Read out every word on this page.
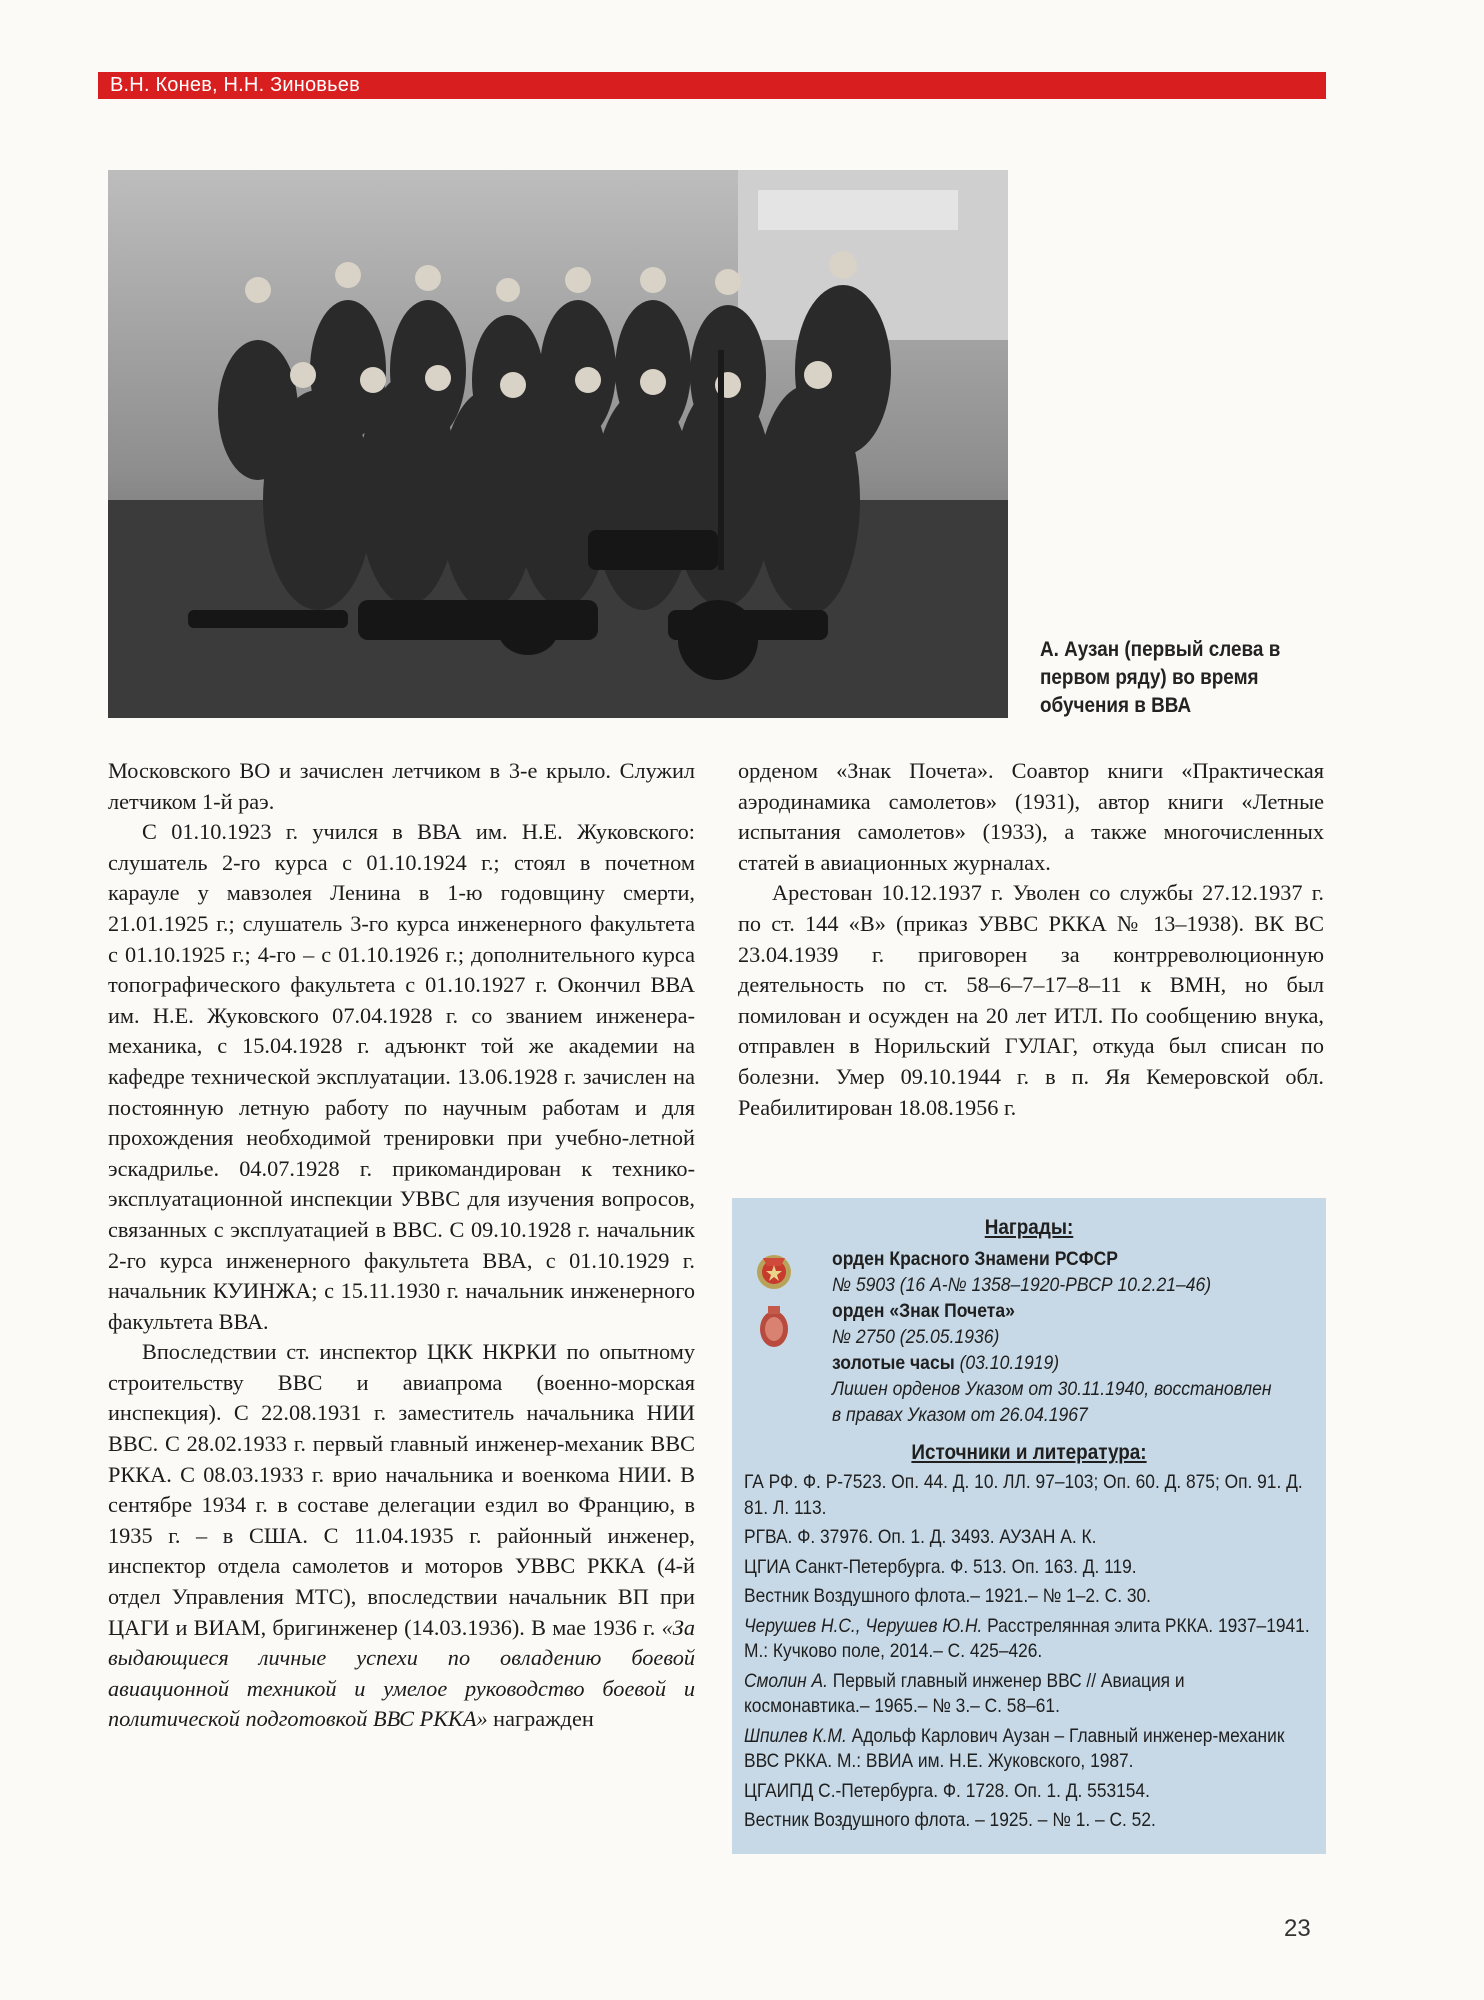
В.Н. Конев, Н.Н. Зиновьев
А. Аузан (первый слева в первом ряду) во время обучения в ВВА

Московского ВО и зачислен летчиком в 3-е крыло. Служил летчиком 1-й раэ.

С 01.10.1923 г. учился в ВВА им. Н.Е. Жуковского: слушатель 2-го курса с 01.10.1924 г.; стоял в почетном карауле у мавзолея Ленина в 1-ю годовщину смерти, 21.01.1925 г.; слушатель 3-го курса инженерного факультета с 01.10.1925 г.; 4-го – с 01.10.1926 г.; дополнительного курса топографического факультета с 01.10.1927 г. Окончил ВВА им. Н.Е. Жуковского 07.04.1928 г. со званием инженера-механика, с 15.04.1928 г. адъюнкт той же академии на кафедре технической эксплуатации. 13.06.1928 г. зачислен на постоянную летную работу по научным работам и для прохождения необходимой тренировки при учебно-летной эскадрилье. 04.07.1928 г. прикомандирован к технико-эксплуатационной инспекции УВВС для изучения вопросов, связанных с эксплуатацией в ВВС. С 09.10.1928 г. начальник 2-го курса инженерного факультета ВВА, с 01.10.1929 г. начальник КУИНЖА; с 15.11.1930 г. начальник инженерного факультета ВВА.

Впоследствии ст. инспектор ЦКК НКРКИ по опытному строительству ВВС и авиапрома (военно-морская инспекция). С 22.08.1931 г. заместитель начальника НИИ ВВС. С 28.02.1933 г. первый главный инженер-механик ВВС РККА. С 08.03.1933 г. врио начальника и военкома НИИ. В сентябре 1934 г. в составе делегации ездил во Францию, в 1935 г. – в США. С 11.04.1935 г. районный инженер, инспектор отдела самолетов и моторов УВВС РККА (4-й отдел Управления МТС), впоследствии начальник ВП при ЦАГИ и ВИАМ, бригинженер (14.03.1936). В мае 1936 г. «За выдающиеся личные успехи по овладению боевой авиационной техникой и умелое руководство боевой и политической подготовкой ВВС РККА» награжден

орденом «Знак Почета». Соавтор книги «Практическая аэродинамика самолетов» (1931), автор книги «Летные испытания самолетов» (1933), а также многочисленных статей в авиационных журналах.

Арестован 10.12.1937 г. Уволен со службы 27.12.1937 г. по ст. 144 «В» (приказ УВВС РККА № 13–1938). ВК ВС 23.04.1939 г. приговорен за контрреволюционную деятельность по ст. 58–6–7–17–8–11 к ВМН, но был помилован и осужден на 20 лет ИТЛ. По сообщению внука, отправлен в Норильский ГУЛАГ, откуда был списан по болезни. Умер 09.10.1944 г. в п. Яя Кемеровской обл. Реабилитирован 18.08.1956 г.

Награды:
орден Красного Знамени РСФСР
№ 5903 (16 А-№ 1358–1920-РВСР 10.2.21–46)
орден «Знак Почета»
№ 2750 (25.05.1936)
золотые часы (03.10.1919)
Лишен орденов Указом от 30.11.1940, восстановлен
в правах Указом от 26.04.1967
Источники и литература:

ГА РФ. Ф. Р-7523. Оп. 44. Д. 10. ЛЛ. 97–103; Оп. 60. Д. 875; Оп. 91. Д. 81. Л. 113.

РГВА. Ф. 37976. Оп. 1. Д. 3493. АУЗАН А. К.

ЦГИА Санкт-Петербурга. Ф. 513. Оп. 163. Д. 119.

Вестник Воздушного флота.– 1921.– № 1–2. С. 30.

Черушев Н.С., Черушев Ю.Н. Расстрелянная элита РККА. 1937–1941. М.: Кучково поле, 2014.– С. 425–426.

Смолин А. Первый главный инженер ВВС // Авиация и космонавтика.– 1965.– № 3.– С. 58–61.

Шпилев К.М. Адольф Карлович Аузан – Главный инженер-механик ВВС РККА. М.: ВВИА им. Н.Е. Жуковского, 1987.

ЦГАИПД С.-Петербурга. Ф. 1728. Оп. 1. Д. 553154.

Вестник Воздушного флота. – 1925. – № 1. – С. 52.

23
